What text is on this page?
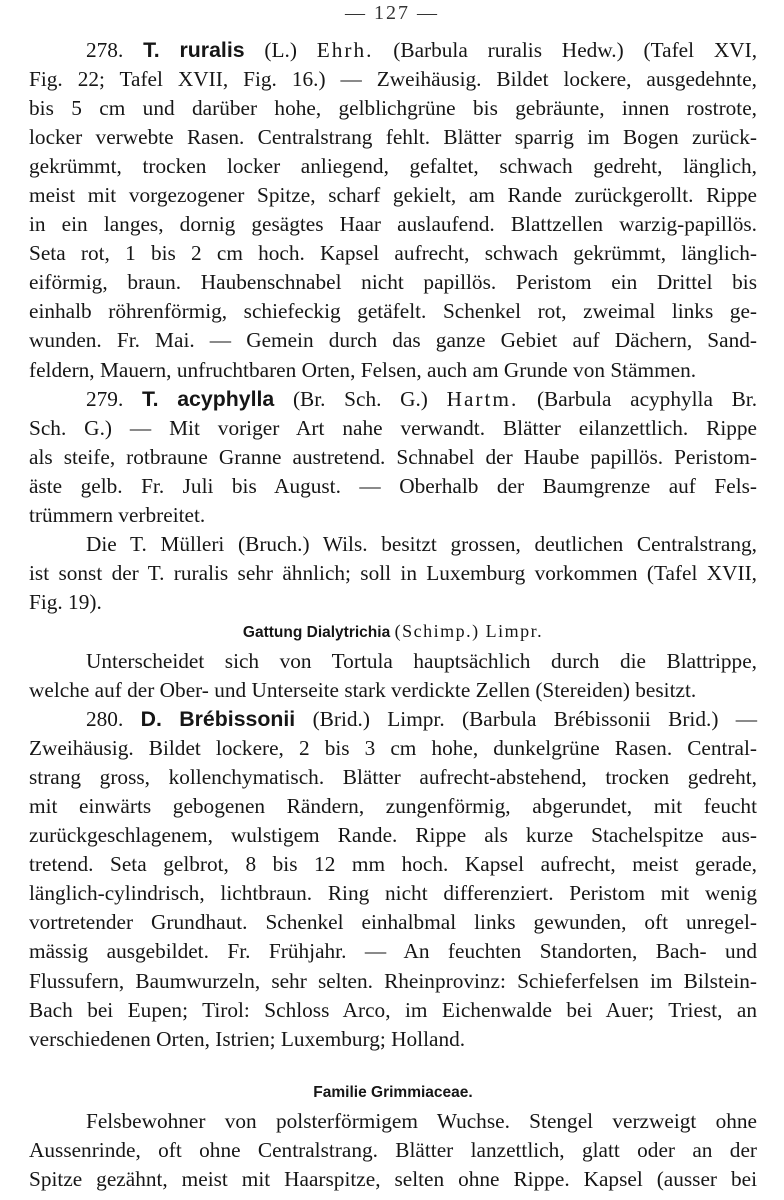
— 127 —
278. T. ruralis (L.) Ehrh. (Barbula ruralis Hedw.) (Tafel XVI,
Fig. 22; Tafel XVII, Fig. 16.) — Zweihäusig. Bildet lockere, ausgedehnte,
bis 5 cm und darüber hohe, gelblichgrüne bis gebräunte, innen rostrote,
locker verwebte Rasen. Centralstrang fehlt. Blätter sparrig im Bogen zurück-
gekrümmt, trocken locker anliegend, gefaltet, schwach gedreht, länglich,
meist mit vorgezogener Spitze, scharf gekielt, am Rande zurückgerollt. Rippe
in ein langes, dornig gesägtes Haar auslaufend. Blattzellen warzig-papillös.
Seta rot, 1 bis 2 cm hoch. Kapsel aufrecht, schwach gekrümmt, länglich-
eiförmig, braun. Haubenschnabel nicht papillös. Peristom ein Drittel bis
einhalb röhrenförmig, schiefeckig getäfelt. Schenkel rot, zweimal links ge-
wunden. Fr. Mai. — Gemein durch das ganze Gebiet auf Dächern, Sand-
feldern, Mauern, unfruchtbaren Orten, Felsen, auch am Grunde von Stämmen.
279. T. acyphylla (Br. Sch. G.) Hartm. (Barbula acyphylla Br.
Sch. G.) — Mit voriger Art nahe verwandt. Blätter eilanzettlich. Rippe
als steife, rotbraune Granne austretend. Schnabel der Haube papillös. Peristom-
äste gelb. Fr. Juli bis August. — Oberhalb der Baumgrenze auf Fels-
trümmern verbreitet.
Die T. Mülleri (Bruch.) Wils. besitzt grossen, deutlichen Centralstrang,
ist sonst der T. ruralis sehr ähnlich; soll in Luxemburg vorkommen (Tafel XVII,
Fig. 19).
Gattung Dialytrichia (Schimp.) Limpr.
Unterscheidet sich von Tortula hauptsächlich durch die Blattrippe,
welche auf der Ober- und Unterseite stark verdickte Zellen (Stereiden) besitzt.
280. D. Brébissonii (Brid.) Limpr. (Barbula Brébissonii Brid.) —
Zweihäusig. Bildet lockere, 2 bis 3 cm hohe, dunkelgrüne Rasen. Central-
strang gross, kollenchymatisch. Blätter aufrecht-abstehend, trocken gedreht,
mit einwärts gebogenen Rändern, zungenförmig, abgerundet, mit feucht
zurückgeschlagenem, wulstigem Rande. Rippe als kurze Stachelspitze aus-
tretend. Seta gelbrot, 8 bis 12 mm hoch. Kapsel aufrecht, meist gerade,
länglich-cylindrisch, lichtbraun. Ring nicht differenziert. Peristom mit wenig
vortretender Grundhaut. Schenkel einhalbmal links gewunden, oft unregel-
mässig ausgebildet. Fr. Frühjahr. — An feuchten Standorten, Bach- und
Flussufern, Baumwurzeln, sehr selten. Rheinprovinz: Schieferfelsen im Bilstein-
Bach bei Eupen; Tirol: Schloss Arco, im Eichenwalde bei Auer; Triest, an
verschiedenen Orten, Istrien; Luxemburg; Holland.
Familie Grimmiaceae.
Felsbewohner von polsterförmigem Wuchse. Stengel verzweigt ohne
Aussenrinde, oft ohne Centralstrang. Blätter lanzettlich, glatt oder an der
Spitze gezähnt, meist mit Haarspitze, selten ohne Rippe. Kapsel (ausser bei
